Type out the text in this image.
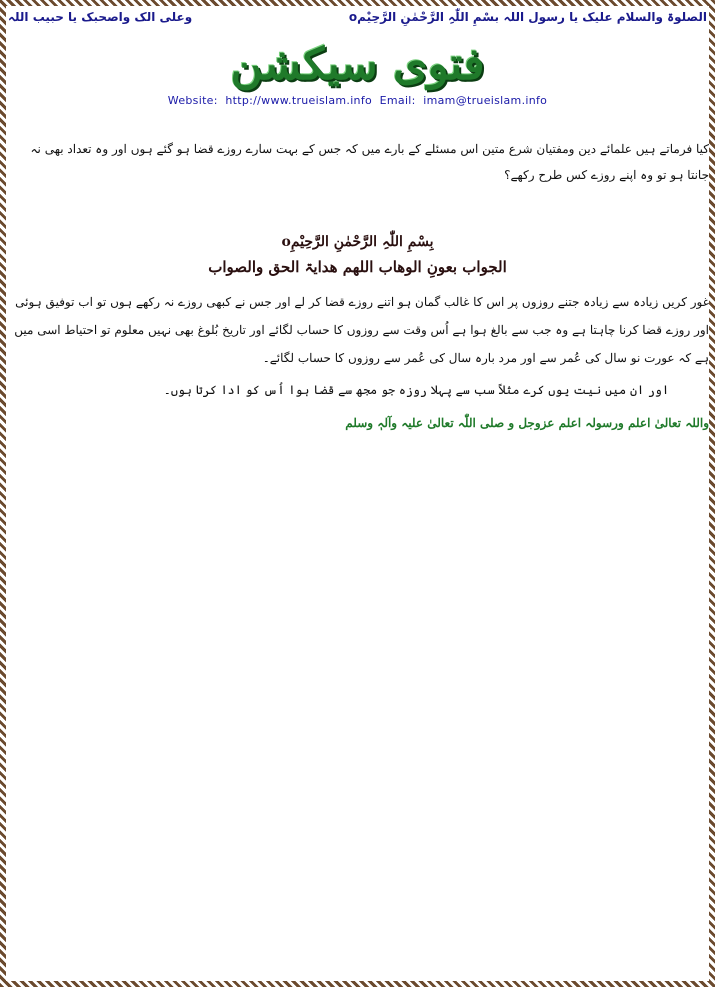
الصلوۃ والسلام علیک یا رسول اللہ
بسْمِ اللّٰہِ الرَّحْمٰنِ الرَّحِیْمo
وعلی الک واصحبک یا حبیب اللہ
فتوی سیکشن
Website: http://www.trueislam.info Email: imam@trueislam.info
کیا فرماتے ہیں علمائے دین ومفتیان شرع متین اس مسئلے کے بارے میں کہ جس کے بہت سارے روزے قضا ہو گئے ہوں اور وہ تعداد بھی نہ جانتا ہو تو وہ اپنے روزے کس طرح رکھے؟
بِسْمِ اللّٰہِ الرَّحْمٰنِ الرَّحِیْمِo
الجواب بعونِ الوھاب اللھم ھدایۃ الحق والصواب

غور کریں زیادہ سے زیادہ جتنے روزوں پر اس کا غالب گمان ہو اتنے روزے قضا کر لے اور جس نے کبھی روزے نہ رکھے ہوں تو اب توفیق ہوئی اور روزے قضا کرنا چاہتا ہے وہ جب سے بالغ ہوا ہے اُس وقت سے روزوں کا حساب لگائے اور تاریخ بُلوغ بھی نہیں معلوم تو احتیاط اسی میں ہے کہ عورت نو سال کی عُمر سے اور مرد بارہ سال کی عُمر سے روزوں کا حساب لگائے۔

اور ان میں نیت یوں کرے مثلاً سب سے پہلا روزہ جو مجھ سے قضا ہوا اُس کو ادا کرتا ہوں۔

واللہ تعالیٰ اعلم ورسولہ اعلم عزوجل و صلی اللّٰہ تعالیٰ علیہ وآلہٖ وسلم
